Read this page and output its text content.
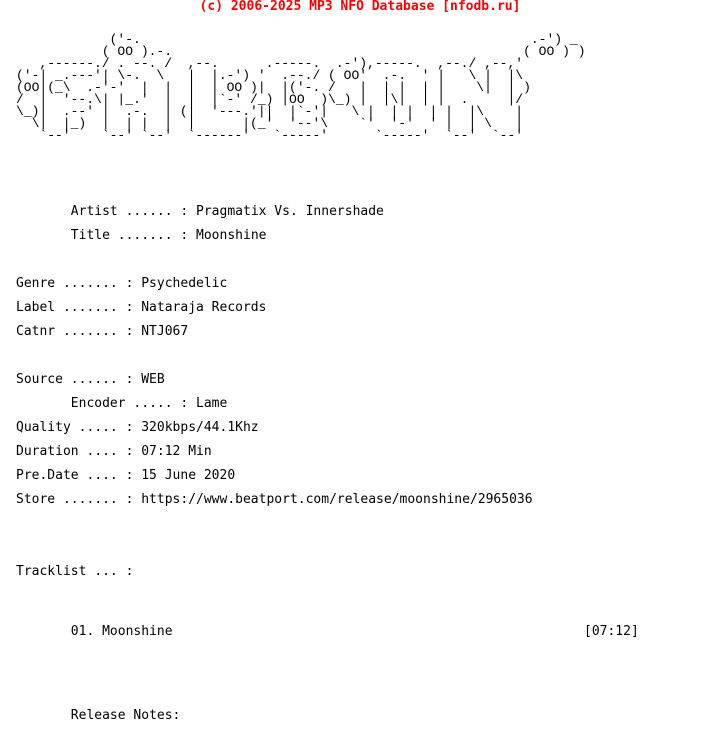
(c) 2006-2025 MP3 NFO Database [nfodb.ru]

('-.                                                  .-') _
( OO ).-.                                             ( OO ) )
,------./ . --. /  ,--.      .-----.  .-'),-----.  ,--./ ,--,'
('-| _.---'| \-.  \   |  |.-') '  .--./ ( OO'  .-.  ' |   \ |  |\
(OO|(_\  .-'-'  |  |  |  | OO )|  |('-. /   |  | |  | |    \|  | )
/  |  '--.\| |_.'  |  |  |`-' /_) |OO  )\_) |  |\|  | |  .     |/
\_)|  .--' |  .-.  | (|  '---.'||  |`-'|   \ |  | |  | |  |\    |
\|  |_)  |  | |  |  |      |(_'  '--'\    `'  '-'  ' |  | \   |
`--'    `--' `--'  `------'   `-----'      `-----'  `--'  `--'

Artist ...... : Pragmatix Vs. Innershade

Title ....... : Moonshine

Genre ....... : Psychedelic

Label ....... : Nataraja Records

Catnr ....... : NTJ067

Source ...... : WEB

Encoder ..... : Lame

Quality ..... : 320kbps/44.1Khz

Duration .... : 07:12 Min

Pre.Date .... : 15 June 2020

Store ....... : https://www.beatport.com/release/moonshine/2965036

Tracklist ... :

01. Moonshine	[07:12]

Release Notes:
